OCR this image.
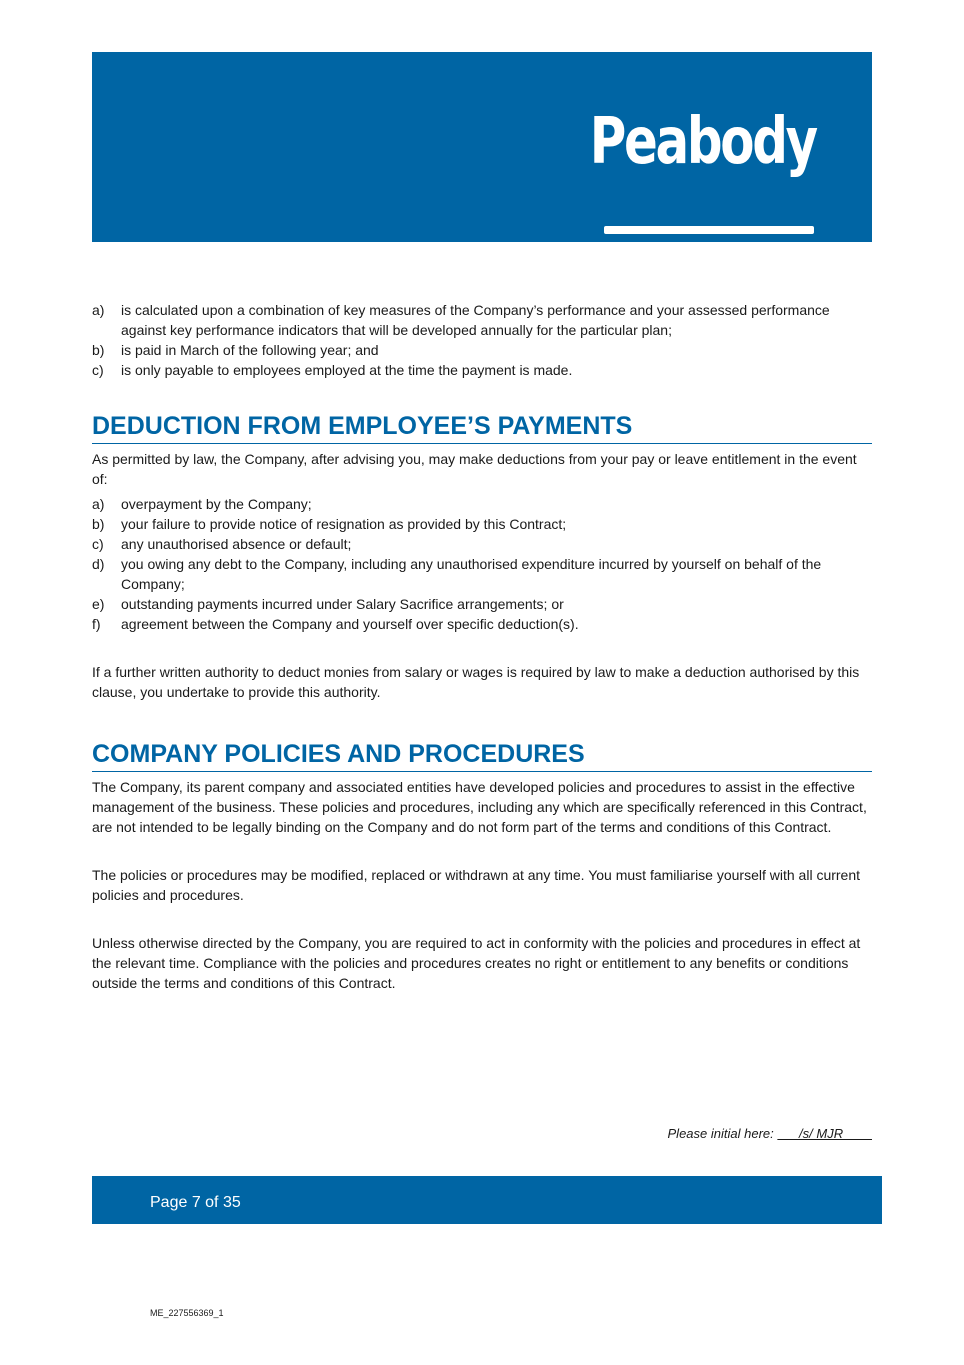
Peabody
a) is calculated upon a combination of key measures of the Company’s performance and your assessed performance against key performance indicators that will be developed annually for the particular plan;
b) is paid in March of the following year; and
c) is only payable to employees employed at the time the payment is made.
DEDUCTION FROM EMPLOYEE’S PAYMENTS

As permitted by law, the Company, after advising you, may make deductions from your pay or leave entitlement in the event of:

a) overpayment by the Company;
b) your failure to provide notice of resignation as provided by this Contract;
c) any unauthorised absence or default;
d) you owing any debt to the Company, including any unauthorised expenditure incurred by yourself on behalf of the Company;
e) outstanding payments incurred under Salary Sacrifice arrangements; or
f) agreement between the Company and yourself over specific deduction(s).

If a further written authority to deduct monies from salary or wages is required by law to make a deduction authorised by this clause, you undertake to provide this authority.

COMPANY POLICIES AND PROCEDURES

The Company, its parent company and associated entities have developed policies and procedures to assist in the effective management of the business. These policies and procedures, including any which are specifically referenced in this Contract, are not intended to be legally binding on the Company and do not form part of the terms and conditions of this Contract.

The policies or procedures may be modified, replaced or withdrawn at any time. You must familiarise yourself with all current policies and procedures.

Unless otherwise directed by the Company, you are required to act in conformity with the policies and procedures in effect at the relevant time. Compliance with the policies and procedures creates no right or entitlement to any benefits or conditions outside the terms and conditions of this Contract.

Please initial here:       /s/ MJR
Page 7 of 35
ME_227556369_1
